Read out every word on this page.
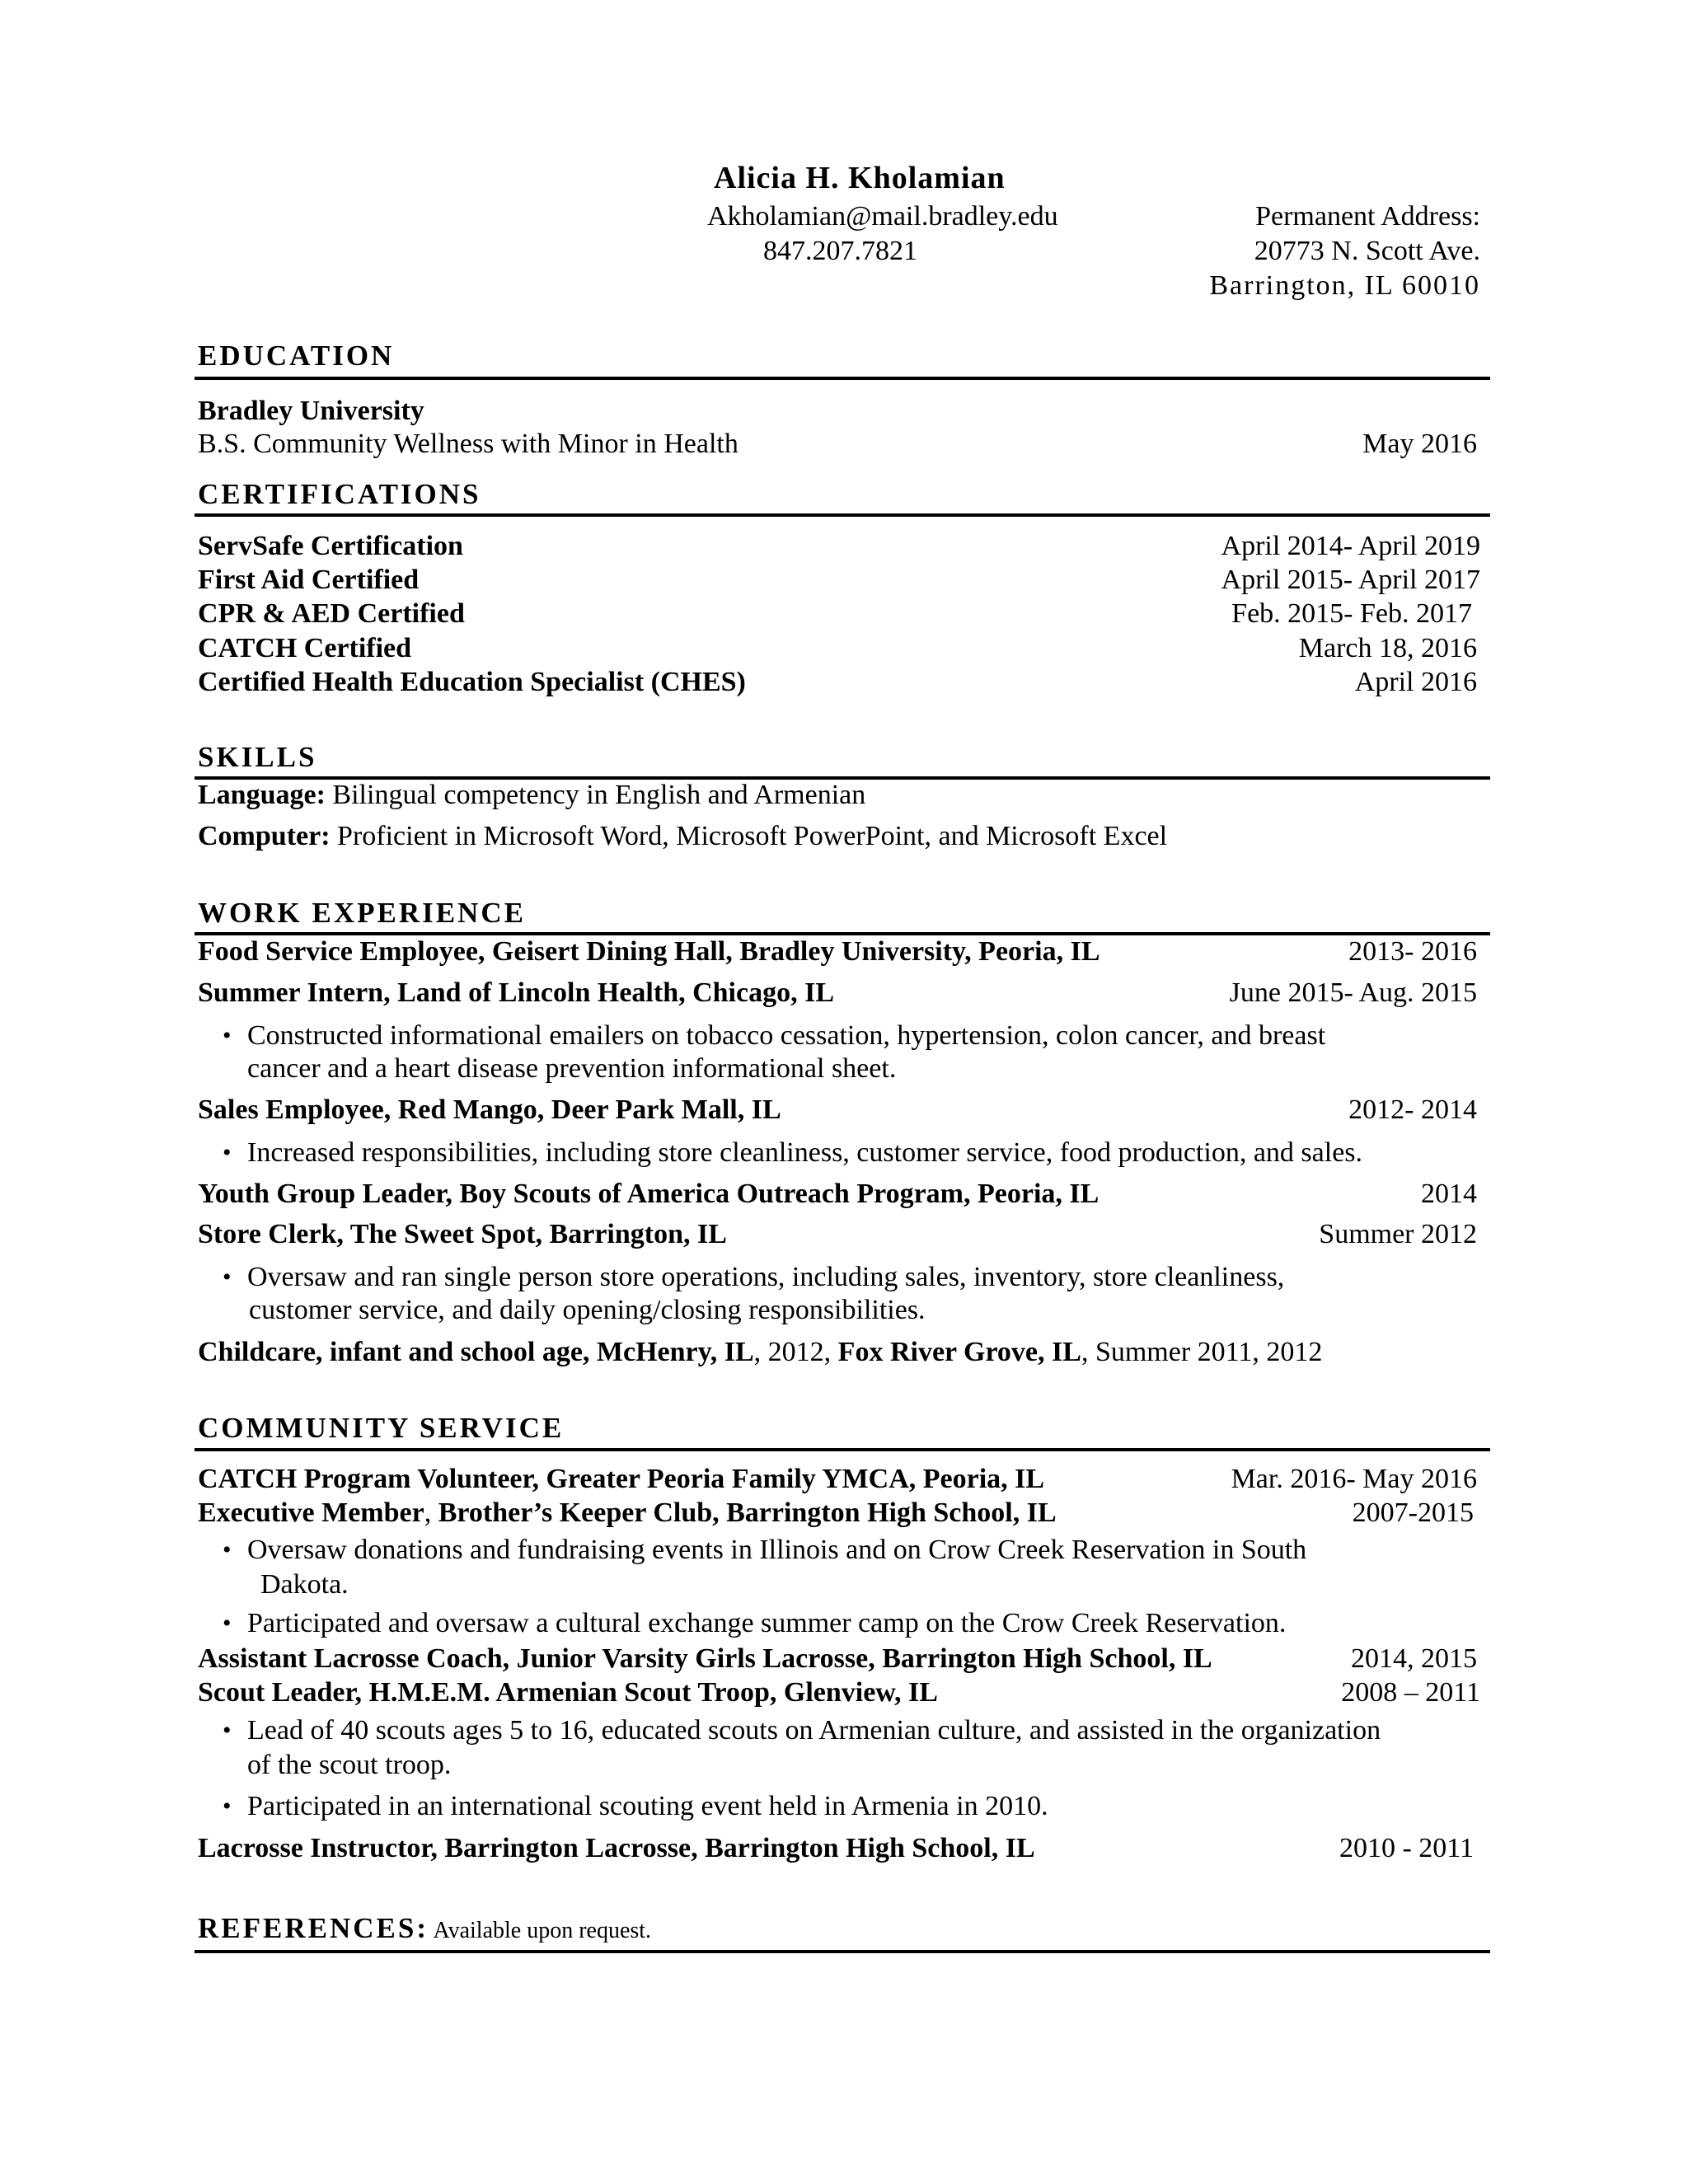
Alicia H. Kholamian
Akholamian@mail.bradley.edu
847.207.7821
Permanent Address:
20773 N. Scott Ave.
Barrington, IL 60010
EDUCATION
Bradley University
B.S. Community Wellness with Minor in Health	May 2016
CERTIFICATIONS
ServSafe Certification	April 2014- April 2019
First Aid Certified	April 2015- April 2017
CPR & AED Certified	Feb. 2015- Feb. 2017
CATCH Certified	March 18, 2016
Certified Health Education Specialist (CHES)	April 2016
SKILLS
Language: Bilingual competency in English and Armenian
Computer: Proficient in Microsoft Word, Microsoft PowerPoint, and Microsoft Excel
WORK EXPERIENCE
Food Service Employee, Geisert Dining Hall, Bradley University, Peoria, IL	2013- 2016
Summer Intern, Land of Lincoln Health, Chicago, IL	June 2015- Aug. 2015
• Constructed informational emailers on tobacco cessation, hypertension, colon cancer, and breast
cancer and a heart disease prevention informational sheet.
Sales Employee, Red Mango, Deer Park Mall, IL	2012- 2014
• Increased responsibilities, including store cleanliness, customer service, food production, and sales.
Youth Group Leader, Boy Scouts of America Outreach Program, Peoria, IL	2014
Store Clerk, The Sweet Spot, Barrington, IL	Summer 2012
• Oversaw and ran single person store operations, including sales, inventory, store cleanliness,
customer service, and daily opening/closing responsibilities.
Childcare, infant and school age, McHenry, IL, 2012, Fox River Grove, IL, Summer 2011, 2012
COMMUNITY SERVICE
CATCH Program Volunteer, Greater Peoria Family YMCA, Peoria, IL	Mar. 2016- May 2016
Executive Member, Brother’s Keeper Club, Barrington High School, IL	2007-2015
• Oversaw donations and fundraising events in Illinois and on Crow Creek Reservation in South
Dakota.
• Participated and oversaw a cultural exchange summer camp on the Crow Creek Reservation.
Assistant Lacrosse Coach, Junior Varsity Girls Lacrosse, Barrington High School, IL	2014, 2015
Scout Leader, H.M.E.M. Armenian Scout Troop, Glenview, IL	2008 – 2011
• Lead of 40 scouts ages 5 to 16, educated scouts on Armenian culture, and assisted in the organization
of the scout troop.
• Participated in an international scouting event held in Armenia in 2010.
Lacrosse Instructor, Barrington Lacrosse, Barrington High School, IL	2010 - 2011
REFERENCES: Available upon request.
